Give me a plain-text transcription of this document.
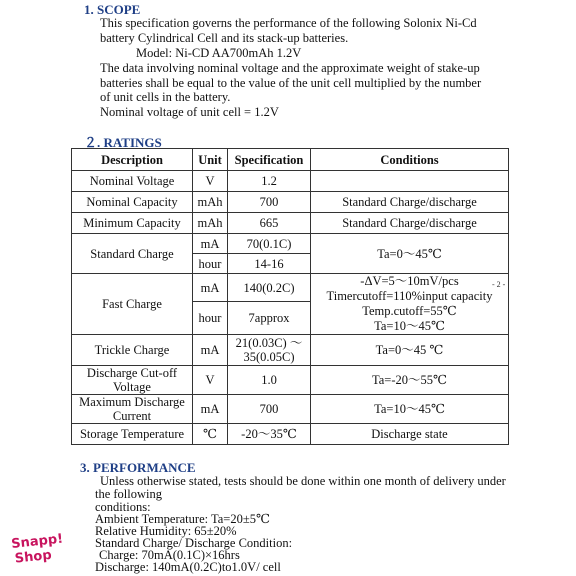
1. SCOPE
This specification governs the performance of the following Solonix Ni-Cd
battery Cylindrical Cell and its stack-up batteries.
Model: Ni-CD AA700mAh 1.2V
The data involving nominal voltage and the approximate weight of stake-up
batteries shall be equal to the value of the unit cell multiplied by the number
of unit cells in the battery.
Nominal voltage of unit cell = 1.2V
２. RATINGS
Description	Unit	Specification	Conditions
Nominal Voltage	V	1.2	
Nominal Capacity	mAh	700	Standard Charge/discharge
Minimum Capacity	mAh	665	Standard Charge/discharge
Standard Charge	mA	70(0.1C)	Ta=0～45℃
	hour	14-16	
Fast Charge	mA	140(0.2C)	-ΔV=5～10mV/pcs
Timercutoff=110%input capacity
Temp.cutoff=55℃
Ta=10～45℃

	hour	7approx	
Trickle Charge	mA	21(0.03C) ～
35(0.05C)	Ta=0～45 ℃

Discharge Cut-off
Voltage	V	1.0	Ta=-20～55℃

Maximum Discharge
Current	mA	700	Ta=10～45℃
Storage Temperature	℃	-20～35℃	Discharge state
- 2 -
3. PERFORMANCE
Unless otherwise stated, tests should be done within one month of delivery under
the following
conditions:
Ambient Temperature: Ta=20±5℃
Relative Humidity: 65±20%
Standard Charge/ Discharge Condition:
Charge: 70mA(0.1C)×16hrs
Discharge: 140mA(0.2C)to1.0V/ cell
Snapp!
Shop
